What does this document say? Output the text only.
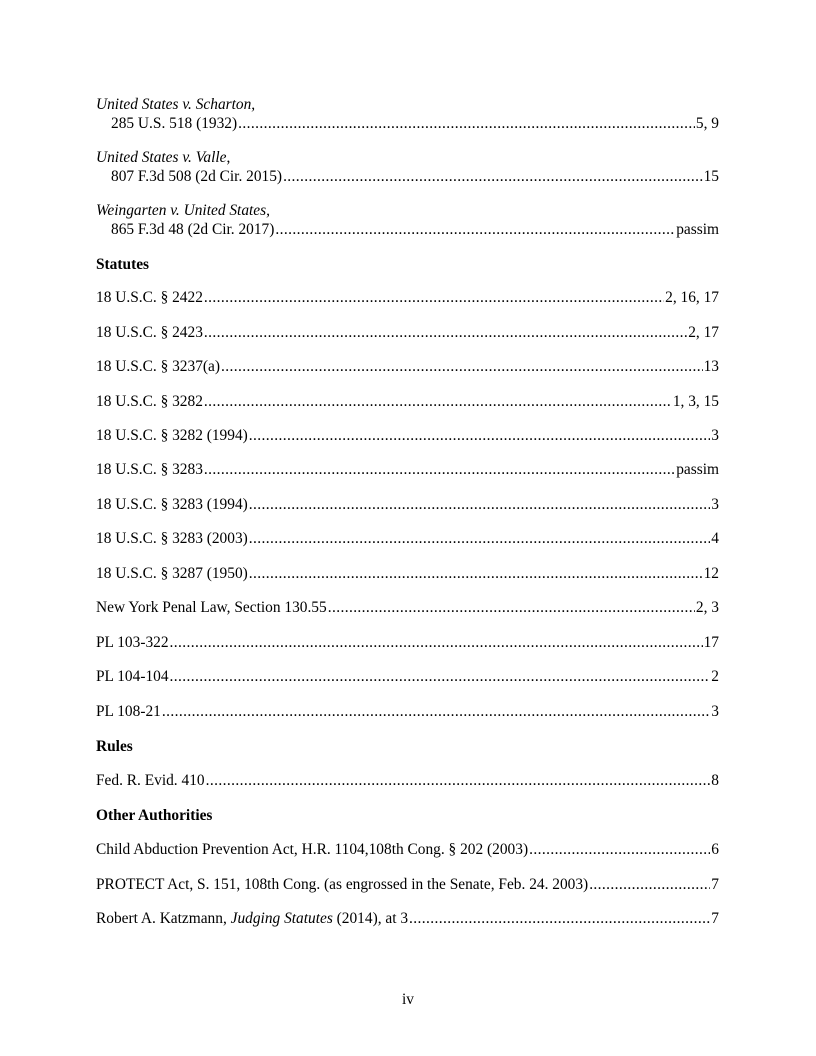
United States v. Scharton,
285 U.S. 518 (1932) .....	5, 9
United States v. Valle,
807 F.3d 508 (2d Cir. 2015) .....	15
Weingarten v. United States,
865 F.3d 48 (2d Cir. 2017) .....	passim
Statutes
18 U.S.C. § 2422 .....	2, 16, 17
18 U.S.C. § 2423 .....	2, 17
18 U.S.C. § 3237(a) .....	13
18 U.S.C. § 3282 .....	1, 3, 15
18 U.S.C. § 3282 (1994) .....	3
18 U.S.C. § 3283 .....	passim
18 U.S.C. § 3283 (1994) .....	3
18 U.S.C. § 3283 (2003) .....	4
18 U.S.C. § 3287 (1950) .....	12
New York Penal Law, Section 130.55 .....	2, 3
PL 103-322 .....	17
PL 104-104 .....	2
PL 108-21 .....	3
Rules
Fed. R. Evid. 410 .....	8
Other Authorities
Child Abduction Prevention Act, H.R. 1104,108th Cong. § 202 (2003) .....	6
PROTECT Act, S. 151, 108th Cong. (as engrossed in the Senate, Feb. 24. 2003) .....	7
Robert A. Katzmann, Judging Statutes (2014), at 3 .....	7
iv
